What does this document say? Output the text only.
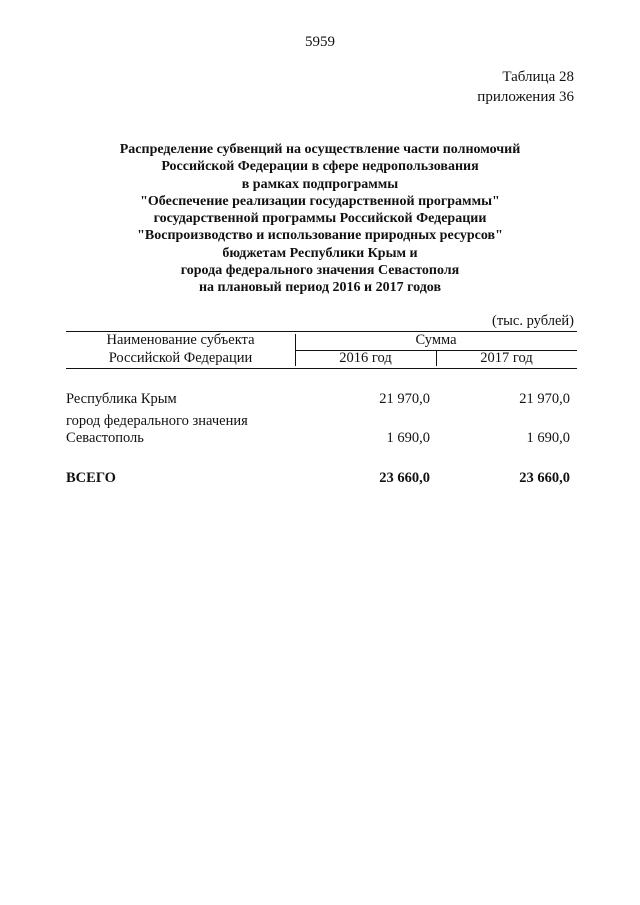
5959
Таблица 28
приложения 36
Распределение субвенций на осуществление части полномочий
Российской Федерации в сфере недропользования
в рамках подпрограммы
"Обеспечение реализации государственной программы"
государственной программы Российской Федерации
"Воспроизводство и использование природных ресурсов"
бюджетам Республики Крым и
города федерального значения Севастополя
на плановый период 2016 и 2017 годов
(тыс. рублей)
Наименование субъекта
Российской Федерации
Сумма
2016 год	2017 год
Республика Крым	21 970,0	21 970,0
город федерального значения
Севастополь	1 690,0	1 690,0
ВСЕГО	23 660,0	23 660,0
